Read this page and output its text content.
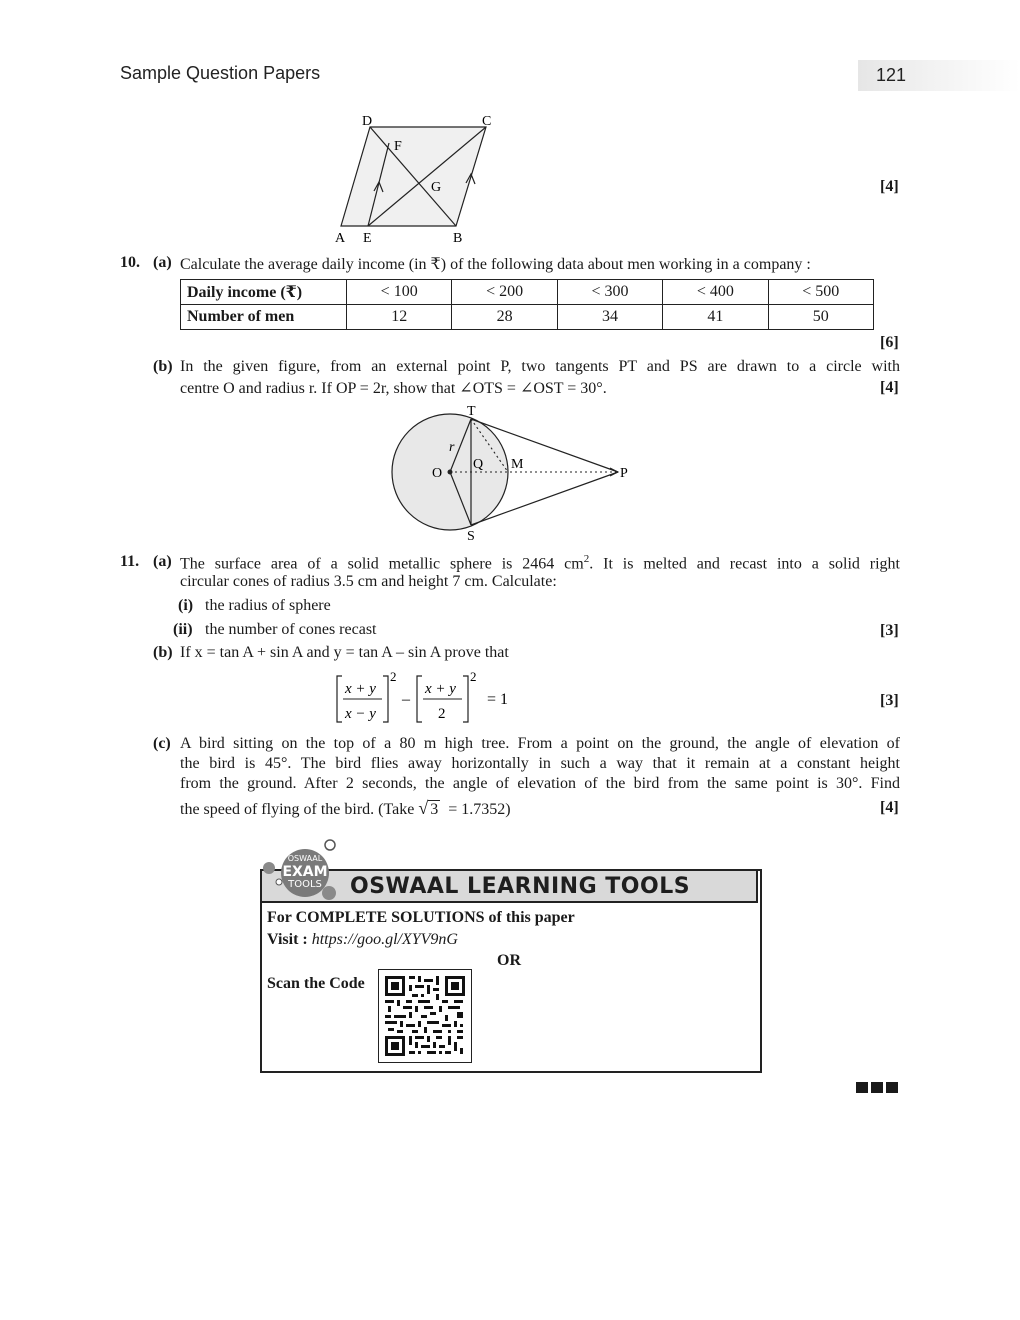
Sample Question Papers	121
D	C
F
G
A E	B
[4]
10. (a) Calculate the average daily income (in ₹) of the following data about men working in a company :
Daily income (₹)	< 100	< 200	< 300	< 400	< 500
Number of men	12	28	34	41	50
[6]
(b) In the given figure, from an external point P, two tangents PT and PS are drawn to a circle with
centre O and radius r. If OP = 2r, show that ∠OTS = ∠OST = 30°.	[4]
T
r
O
Q M
P
S
11. (a) The surface area of a solid metallic sphere is 2464 $cm^2$. It is melted and recast into a solid right
circular cones of radius 3.5 cm and height 7 cm. Calculate:
(i) the radius of sphere
(ii) the number of cones recast	[3]
(b) If x = tan A + sin A and y = tan A – sin A prove that
x + y
x − y
2
–
x + y
2
2
= 1	[3]
(c) A bird sitting on the top of a 80 m high tree. From a point on the ground, the angle of elevation of
the bird is 45°. The bird flies away horizontally in such a way that it remain at a constant height
from the ground. After 2 seconds, the angle of elevation of the bird from the same point is 30°. Find
the speed of flying of the bird. (Take √ 3 = 1.7352)	[4]
OSWAAL LEARNING TOOLS
OSWAAL
EXAM
TOOLS
For COMPLETE SOLUTIONS of this paper
Visit : https://goo.gl/XYV9nG
OR
Scan the Code
